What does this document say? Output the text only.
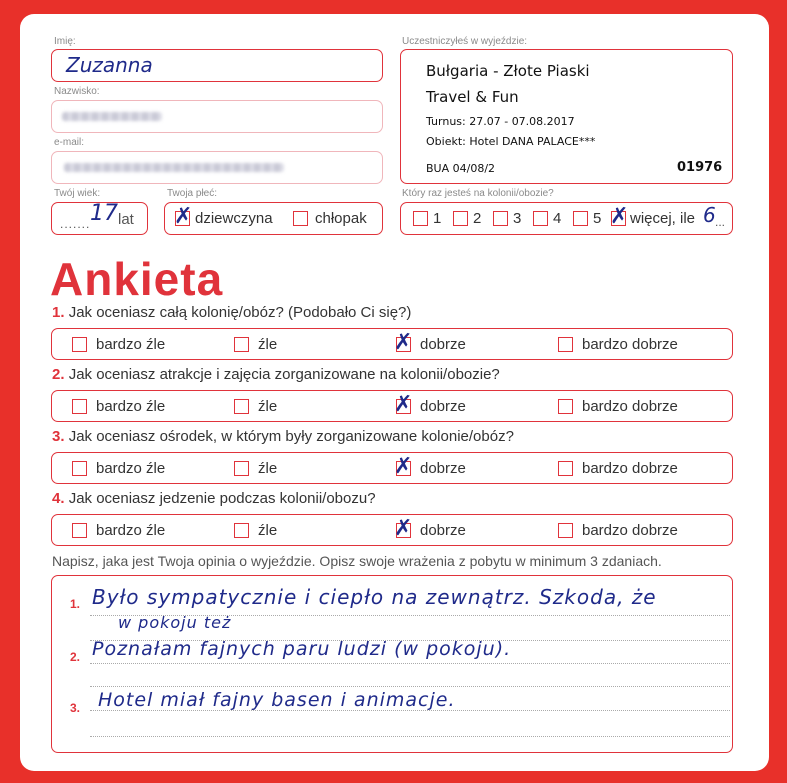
Imię:
Zuzanna
Nazwisko:
e-mail:
Twój wiek:
....... 17 lat
Twoja płeć:
✗ dziewczyna	chłopak
Uczestniczyłeś w wyjeździe:
Bułgaria - Złote Piaski
Travel & Fun
Turnus: 27.07 - 07.08.2017
Obiekt: Hotel DANA PALACE***
BUA 04/08/2	01976
Który raz jesteś na kolonii/obozie?
1 2 3 4 5 ✗ więcej, ile 6 ...
Ankieta
1. Jak oceniasz całą kolonię/obóz? (Podobało Ci się?)
bardzo źle	źle	✗ dobrze	bardzo dobrze
2. Jak oceniasz atrakcje i zajęcia zorganizowane na kolonii/obozie?
bardzo źle	źle	✗ dobrze	bardzo dobrze
3. Jak oceniasz ośrodek, w którym były zorganizowane kolonie/obóz?
bardzo źle	źle	✗ dobrze	bardzo dobrze
4. Jak oceniasz jedzenie podczas kolonii/obozu?
bardzo źle	źle	✗ dobrze	bardzo dobrze
Napisz, jaka jest Twoja opinia o wyjeździe. Opisz swoje wrażenia z pobytu w minimum 3 zdaniach.
1. Było sympatycznie i ciepło na zewnątrz. Szkoda, że
w pokoju też
2. Poznałam fajnych paru ludzi (w pokoju).
3. Hotel miał fajny basen i animacje.
